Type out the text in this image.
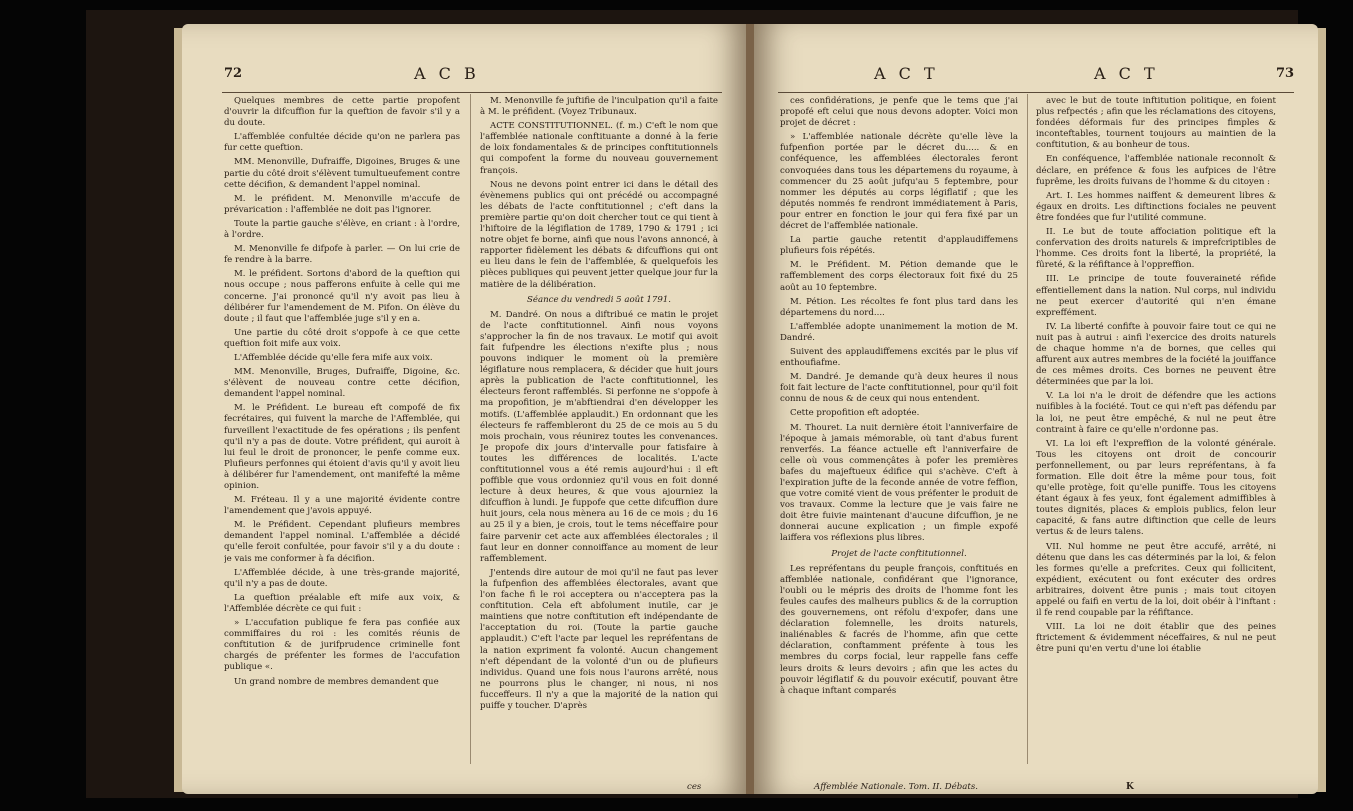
72	A C B

Quelques membres de cette partie propofent d'ouvrir la difcuffion fur la queftion de favoir s'il y a du doute.

L'affemblée confultée décide qu'on ne parlera pas fur cette queftion.

MM. Menonville, Dufraiffe, Digoines, Bruges & une partie du côté droit s'élèvent tumultueufement contre cette décifion, & demandent l'appel nominal.

M. le préfident. M. Menonville m'accufe de prévarication : l'affemblée ne doit pas l'ignorer.

Toute la partie gauche s'élève, en criant : à l'ordre, à l'ordre.

M. Menonville fe difpofe à parler. — On lui crie de fe rendre à la barre.

M. le préfident. Sortons d'abord de la queftion qui nous occupe ; nous pafferons enfuite à celle qui me concerne. J'ai prononcé qu'il n'y avoit pas lieu à délibérer fur l'amendement de M. Pifon. On élève du doute ; il faut que l'affemblée juge s'il y en a.

Une partie du côté droit s'oppofe à ce que cette queftion foit mife aux voix.

L'Affemblée décide qu'elle fera mife aux voix.

MM. Menonville, Bruges, Dufraiffe, Digoine, &c. s'élèvent de nouveau contre cette décifion, demandent l'appel nominal.

M. le Préfident. Le bureau eft compofé de fix fecrétaires, qui fuivent la marche de l'Affemblée, qui furveillent l'exactitude de fes opérations ; ils penfent qu'il n'y a pas de doute. Votre préfident, qui auroit à lui feul le droit de prononcer, le penfe comme eux. Plufieurs perfonnes qui étoient d'avis qu'il y avoit lieu à délibérer fur l'amendement, ont manifefté la même opinion.

M. Fréteau. Il y a une majorité évidente contre l'amendement que j'avois appuyé.

M. le Préfident. Cependant plufieurs membres demandent l'appel nominal. L'affemblée a décidé qu'elle feroit confultée, pour favoir s'il y a du doute : je vais me conformer à fa décifion.

L'Affemblée décide, à une très-grande majorité, qu'il n'y a pas de doute.

La queftion préalable eft mife aux voix, & l'Affemblée décrète ce qui fuit :

» L'accufation publique fe fera pas confiée aux commiffaires du roi : les comités réunis de conftitution & de jurifprudence criminelle font chargés de préfenter les formes de l'accufation publique «.

Un grand nombre de membres demandent que

M. Menonville fe juftifie de l'inculpation qu'il a faite à M. le préfident. (Voyez Tribunaux.

ACTE CONSTITUTIONNEL. (f. m.) C'eft le nom que l'affemblée nationale conftituante a donné à la ferie de loix fondamentales & de principes conftitutionnels qui compofent la forme du nouveau gouvernement françois.

Nous ne devons point entrer ici dans le détail des évènemens publics qui ont précédé ou accompagné les débats de l'acte conftitutionnel ; c'eft dans la première partie qu'on doit chercher tout ce qui tient à l'hiftoire de la légiflation de 1789, 1790 & 1791 ; ici notre objet fe borne, ainfi que nous l'avons annoncé, à rapporter fidèlement les débats & difcuffions qui ont eu lieu dans le fein de l'affemblée, & quelquefois les pièces publiques qui peuvent jetter quelque jour fur la matière de la délibération.

Séance du vendredi 5 août 1791.

M. Dandré. On nous a diftribué ce matin le projet de l'acte conftitutionnel. Ainfi nous voyons s'approcher la fin de nos travaux. Le motif qui avoit fait fufpendre les élections n'exifte plus ; nous pouvons indiquer le moment où la première légiflature nous remplacera, & décider que huit jours après la publication de l'acte conftitutionnel, les électeurs feront raffemblés. Si perfonne ne s'oppofe à ma propofition, je m'abftiendrai d'en développer les motifs. (L'affemblée applaudit.) En ordonnant que les électeurs fe raffembleront du 25 de ce mois au 5 du mois prochain, vous réunirez toutes les convenances. Je propofe dix jours d'intervalle pour fatisfaire à toutes les différences de localités. L'acte conftitutionnel vous a été remis aujourd'hui : il eft poffible que vous ordonniez qu'il vous en foit donné lecture à deux heures, & que vous ajourniez la difcuffion à lundi. Je fuppofe que cette difcuffion dure huit jours, cela nous mènera au 16 de ce mois ; du 16 au 25 il y a bien, je crois, tout le tems néceffaire pour faire parvenir cet acte aux affemblées électorales ; il faut leur en donner connoiffance au moment de leur raffemblement.

J'entends dire autour de moi qu'il ne faut pas lever la fufpenfion des affemblées électorales, avant que l'on fache fi le roi acceptera ou n'acceptera pas la conftitution. Cela eft abfolument inutile, car je maintiens que notre conftitution eft indépendante de l'acceptation du roi. (Toute la partie gauche applaudit.) C'eft l'acte par lequel les repréfentans de la nation expriment fa volonté. Aucun changement n'eft dépendant de la volonté d'un ou de plufieurs individus. Quand une fois nous l'aurons arrêté, nous ne pourrons plus le changer, ni nous, ni nos fucceffeurs. Il n'y a que la majorité de la nation qui puiffe y toucher. D'après

ces
A C T	A C T	73

ces confidérations, je penfe que le tems que j'ai propofé eft celui que nous devons adopter. Voici mon projet de décret :

» L'affemblée nationale décrète qu'elle lève la fufpenfion portée par le décret du..... & en conféquence, les affemblées électorales feront convoquées dans tous les départemens du royaume, à commencer du 25 août jufqu'au 5 feptembre, pour nommer les députés au corps légiflatif ; que les députés nommés fe rendront immédiatement à Paris, pour entrer en fonction le jour qui fera fixé par un décret de l'affemblée nationale.

La partie gauche retentit d'applaudiffemens plufieurs fois répétés.

M. le Préfident. M. Pétion demande que le raffemblement des corps électoraux foit fixé du 25 août au 10 feptembre.

M. Pétion. Les récoltes fe font plus tard dans les départemens du nord....

L'affemblée adopte unanimement la motion de M. Dandré.

Suivent des applaudiffemens excités par le plus vif enthoufiafme.

M. Dandré. Je demande qu'à deux heures il nous foit fait lecture de l'acte conftitutionnel, pour qu'il foit connu de nous & de ceux qui nous entendent.

Cette propofition eft adoptée.

M. Thouret. La nuit dernière étoit l'anniverfaire de l'époque à jamais mémorable, où tant d'abus furent renverfés. La féance actuelle eft l'anniverfaire de celle où vous commençâtes à pofer les premières bafes du majeftueux édifice qui s'achève. C'eft à l'expiration jufte de la feconde année de votre feffion, que votre comité vient de vous préfenter le produit de vos travaux. Comme la lecture que je vais faire ne doit être fuivie maintenant d'aucune difcuffion, je ne donnerai aucune explication ; un fimple expofé laiffera vos réflexions plus libres.

Projet de l'acte conftitutionnel.

Les repréfentans du peuple françois, conftitués en affemblée nationale, confidérant que l'ignorance, l'oubli ou le mépris des droits de l'homme font les feules caufes des malheurs publics & de la corruption des gouvernemens, ont réfolu d'expofer, dans une déclaration folemnelle, les droits naturels, inaliénables & facrés de l'homme, afin que cette déclaration, conftamment préfente à tous les membres du corps focial, leur rappelle fans ceffe leurs droits & leurs devoirs ; afin que les actes du pouvoir légiflatif & du pouvoir exécutif, pouvant être à chaque inftant comparés

avec le but de toute inftitution politique, en foient plus refpectés ; afin que les réclamations des citoyens, fondées déformais fur des principes fimples & inconteftables, tournent toujours au maintien de la conftitution, & au bonheur de tous.

En conféquence, l'affemblée nationale reconnoît & déclare, en préfence & fous les aufpices de l'être fuprême, les droits fuivans de l'homme & du citoyen :

Art. I. Les hommes naiffent & demeurent libres & égaux en droits. Les diftinctions fociales ne peuvent être fondées que fur l'utilité commune.

II. Le but de toute affociation politique eft la confervation des droits naturels & imprefcriptibles de l'homme. Ces droits font la liberté, la propriété, la fûreté, & la réfiftance à l'oppreffion.

III. Le principe de toute fouveraineté réfide effentiellement dans la nation. Nul corps, nul individu ne peut exercer d'autorité qui n'en émane expreffément.

IV. La liberté confifte à pouvoir faire tout ce qui ne nuit pas à autrui : ainfi l'exercice des droits naturels de chaque homme n'a de bornes, que celles qui affurent aux autres membres de la fociété la jouiffance de ces mêmes droits. Ces bornes ne peuvent être déterminées que par la loi.

V. La loi n'a le droit de défendre que les actions nuifibles à la fociété. Tout ce qui n'eft pas défendu par la loi, ne peut être empêché, & nul ne peut être contraint à faire ce qu'elle n'ordonne pas.

VI. La loi eft l'expreffion de la volonté générale. Tous les citoyens ont droit de concourir perfonnellement, ou par leurs repréfentans, à fa formation. Elle doit être la même pour tous, foit qu'elle protège, foit qu'elle puniffe. Tous les citoyens étant égaux à fes yeux, font également admiffibles à toutes dignités, places & emplois publics, felon leur capacité, & fans autre diftinction que celle de leurs vertus & de leurs talens.

VII. Nul homme ne peut être accufé, arrêté, ni détenu que dans les cas déterminés par la loi, & felon les formes qu'elle a prefcrites. Ceux qui follicitent, expédient, exécutent ou font exécuter des ordres arbitraires, doivent être punis ; mais tout citoyen appelé ou faifi en vertu de la loi, doit obéir à l'inftant : il fe rend coupable par la réfiftance.

VIII. La loi ne doit établir que des peines ftrictement & évidemment néceffaires, & nul ne peut être puni qu'en vertu d'une loi établie

Affemblée Nationale. Tom. II. Débats.	K
